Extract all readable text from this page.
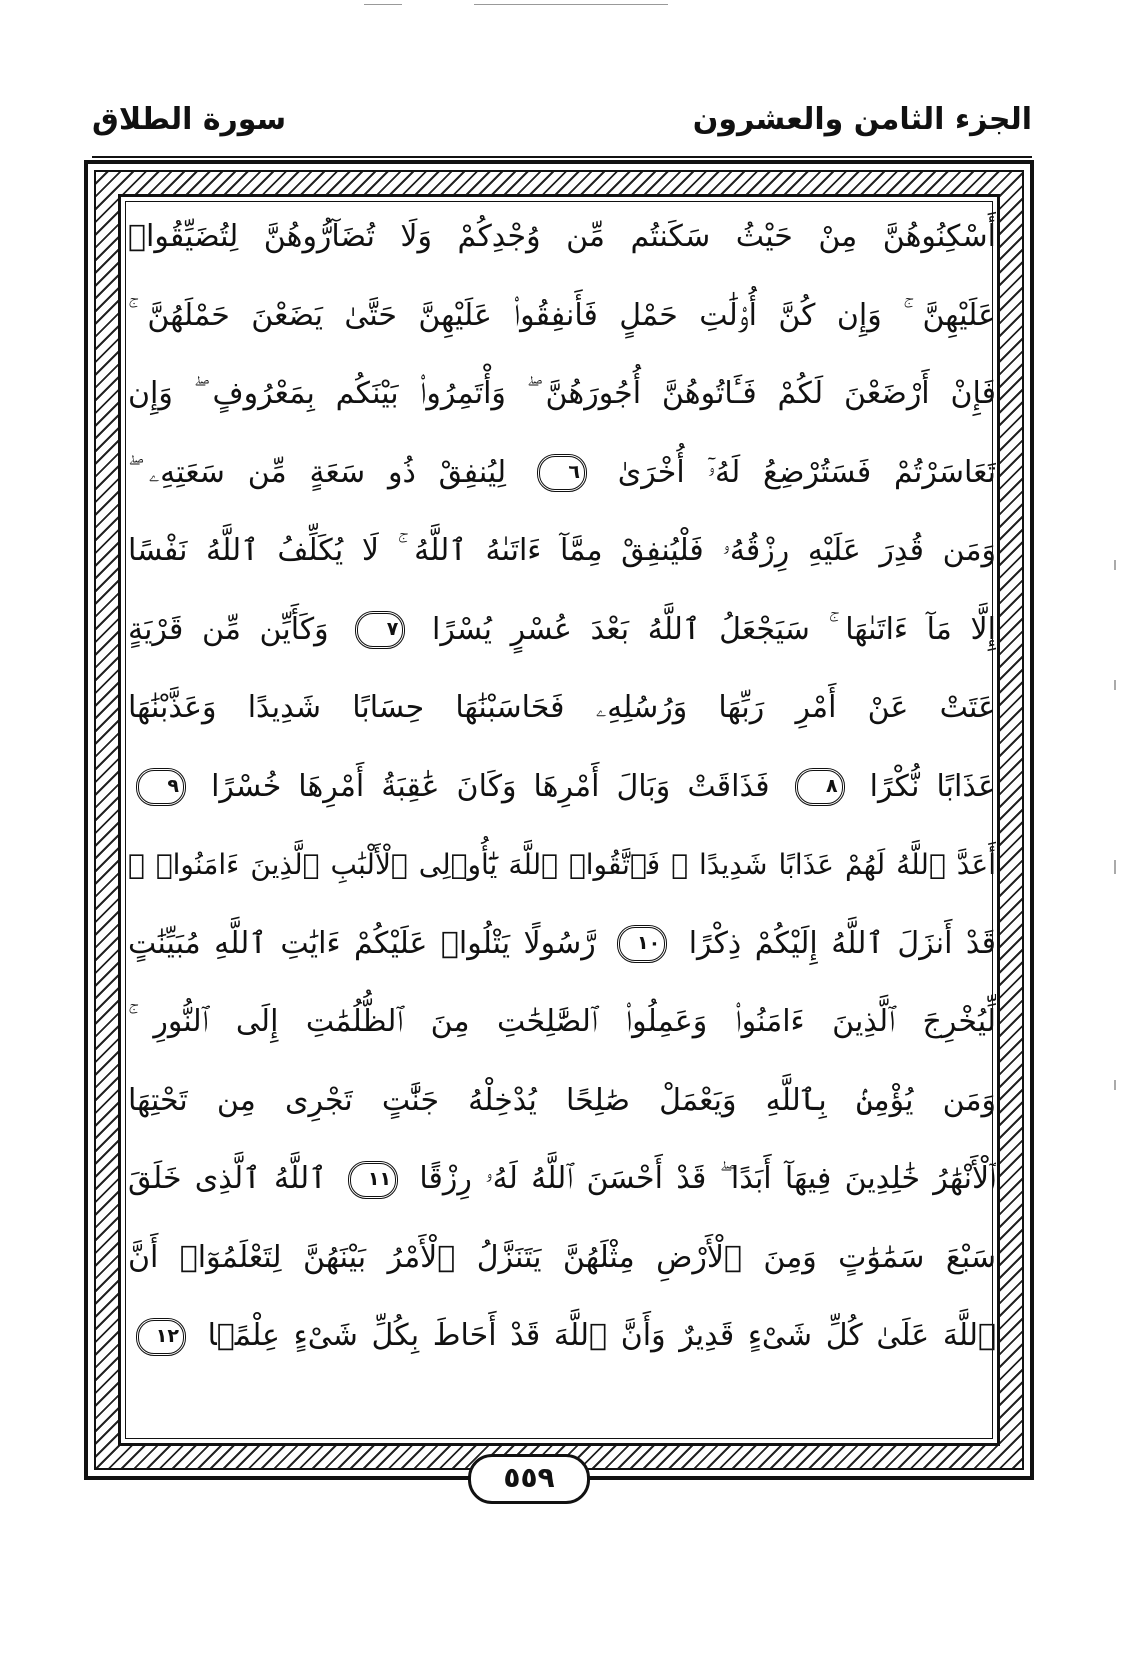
الجزء الثامن والعشرون
سورة الطلاق
أَسْكِنُوهُنَّ مِنْ حَيْثُ سَكَنتُم مِّن وُجْدِكُمْ وَلَا تُضَآرُّوهُنَّ لِتُضَيِّقُوا۟
عَلَيْهِنَّ ۚ وَإِن كُنَّ أُو۟لَٰتِ حَمْلٍ فَأَنفِقُوا۟ عَلَيْهِنَّ حَتَّىٰ يَضَعْنَ حَمْلَهُنَّ ۚ
فَإِنْ أَرْضَعْنَ لَكُمْ فَـَٔاتُوهُنَّ أُجُورَهُنَّ ۖ وَأْتَمِرُوا۟ بَيْنَكُم بِمَعْرُوفٍ ۖ وَإِن
تَعَاسَرْتُمْ فَسَتُرْضِعُ لَهُۥٓ أُخْرَىٰ ٦ لِيُنفِقْ ذُو سَعَةٍ مِّن سَعَتِهِۦ ۖ
وَمَن قُدِرَ عَلَيْهِ رِزْقُهُۥ فَلْيُنفِقْ مِمَّآ ءَاتَىٰهُ ٱللَّهُ ۚ لَا يُكَلِّفُ ٱللَّهُ نَفْسًا
إِلَّا مَآ ءَاتَىٰهَا ۚ سَيَجْعَلُ ٱللَّهُ بَعْدَ عُسْرٍ يُسْرًا ٧ وَكَأَيِّن مِّن قَرْيَةٍ
عَتَتْ عَنْ أَمْرِ رَبِّهَا وَرُسُلِهِۦ فَحَاسَبْنَٰهَا حِسَابًا شَدِيدًا وَعَذَّبْنَٰهَا
عَذَابًا نُّكْرًا ٨ فَذَاقَتْ وَبَالَ أَمْرِهَا وَكَانَ عَٰقِبَةُ أَمْرِهَا خُسْرًا ٩
أَعَدَّ ٱللَّهُ لَهُمْ عَذَابًا شَدِيدًا ۖ فَٱتَّقُوا۟ ٱللَّهَ يَٰٓأُو۟لِى ٱلْأَلْبَٰبِ ٱلَّذِينَ ءَامَنُوا۟ ۚ
قَدْ أَنزَلَ ٱللَّهُ إِلَيْكُمْ ذِكْرًا ١٠ رَّسُولًا يَتْلُوا۟ عَلَيْكُمْ ءَايَٰتِ ٱللَّهِ مُبَيِّنَٰتٍ
لِّيُخْرِجَ ٱلَّذِينَ ءَامَنُوا۟ وَعَمِلُوا۟ ٱلصَّٰلِحَٰتِ مِنَ ٱلظُّلُمَٰتِ إِلَى ٱلنُّورِ ۚ
وَمَن يُؤْمِنۢ بِٱللَّهِ وَيَعْمَلْ صَٰلِحًا يُدْخِلْهُ جَنَّٰتٍ تَجْرِى مِن تَحْتِهَا
ٱلْأَنْهَٰرُ خَٰلِدِينَ فِيهَآ أَبَدًا ۖ قَدْ أَحْسَنَ ٱللَّهُ لَهُۥ رِزْقًا ١١ ٱللَّهُ ٱلَّذِى خَلَقَ
سَبْعَ سَمَٰوَٰتٍ وَمِنَ ٱلْأَرْضِ مِثْلَهُنَّ يَتَنَزَّلُ ٱلْأَمْرُ بَيْنَهُنَّ لِتَعْلَمُوٓا۟ أَنَّ
ٱللَّهَ عَلَىٰ كُلِّ شَىْءٍ قَدِيرٌ وَأَنَّ ٱللَّهَ قَدْ أَحَاطَ بِكُلِّ شَىْءٍ عِلْمًۢا ١٢
٥٥٩
